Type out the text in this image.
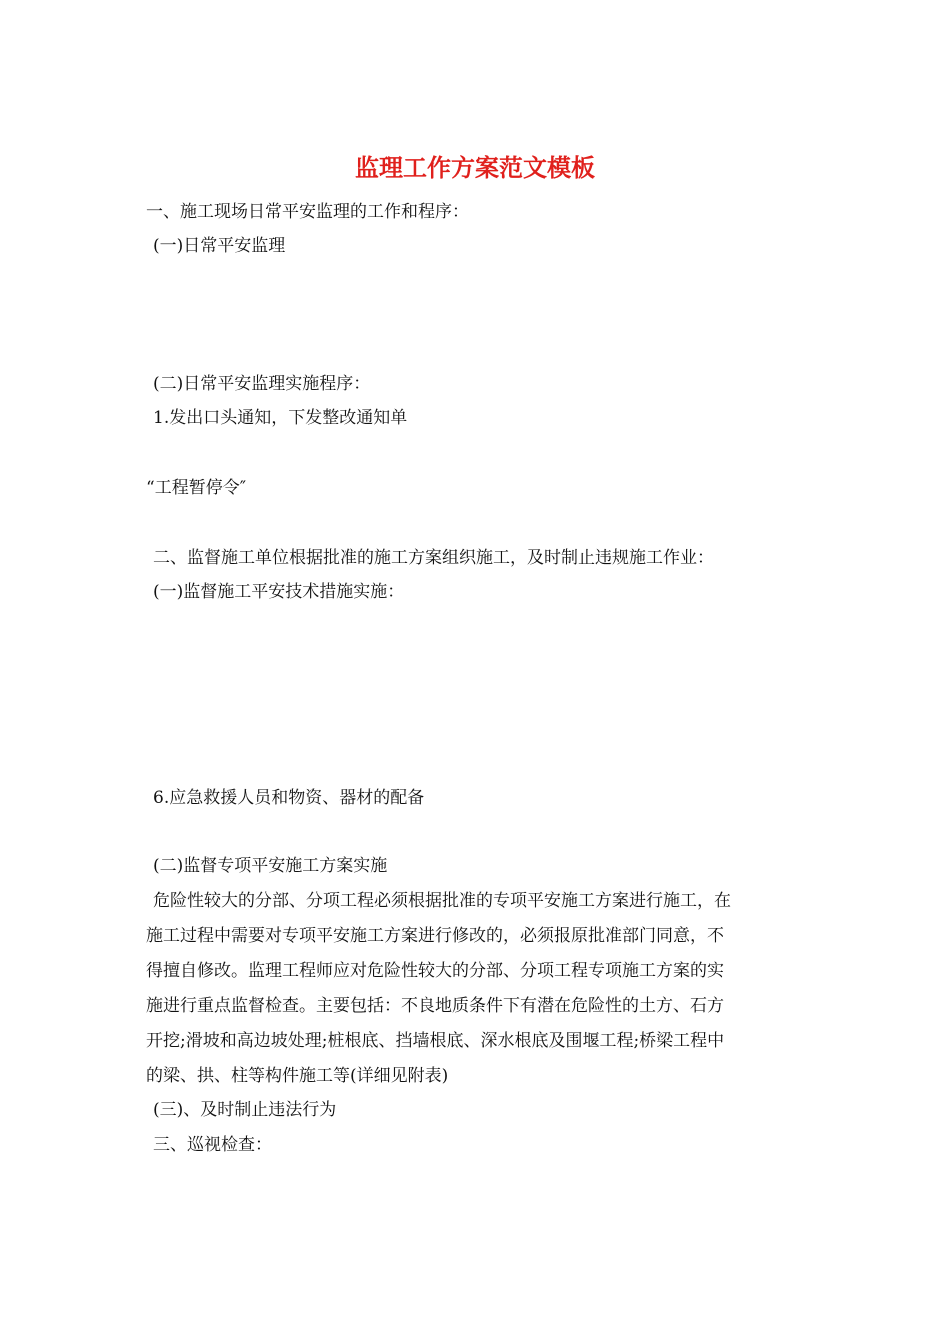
监理工作方案范文模板
一、施工现场日常平安监理的工作和程序：
(一)日常平安监理
(二)日常平安监理实施程序：
1.发出口头通知，下发整改通知单
“工程暂停令″
二、监督施工单位根据批准的施工方案组织施工，及时制止违规施工作业：
(一)监督施工平安技术措施实施：
6.应急救援人员和物资、器材的配备
(二)监督专项平安施工方案实施
危险性较大的分部、分项工程必须根据批准的专项平安施工方案进行施工，在
施工过程中需要对专项平安施工方案进行修改的，必须报原批准部门同意，不
得擅自修改。监理工程师应对危险性较大的分部、分项工程专项施工方案的实
施进行重点监督检查。主要包括：不良地质条件下有潜在危险性的土方、石方
开挖;滑坡和高边坡处理;桩根底、挡墙根底、深水根底及围堰工程;桥梁工程中
的梁、拱、柱等构件施工等(详细见附表)
(三)、及时制止违法行为
三、巡视检查：
